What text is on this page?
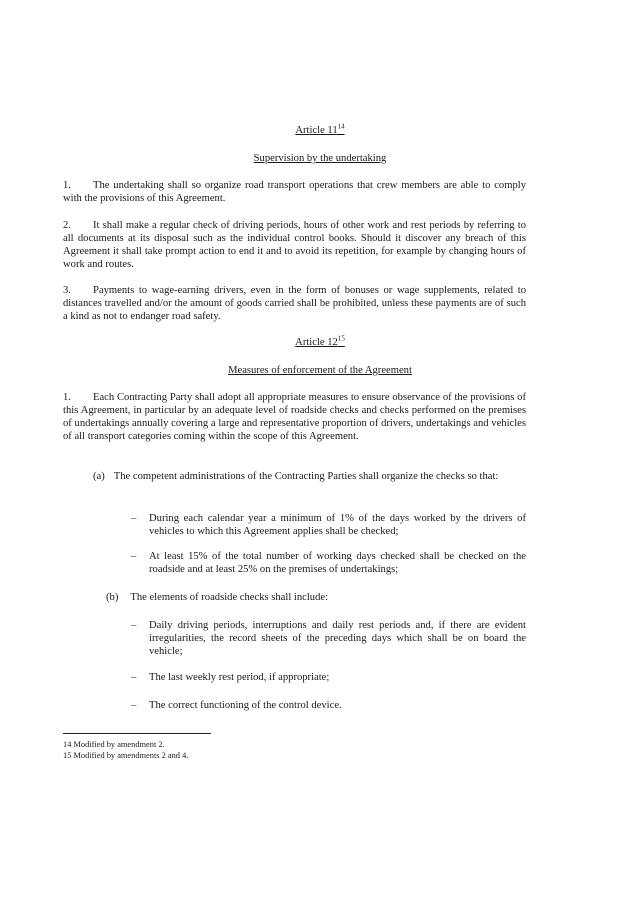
Article $11^{14}$
Supervision by the undertaking
1. The undertaking shall so organize road transport operations that crew members are able to comply with the provisions of this Agreement.
2. It shall make a regular check of driving periods, hours of other work and rest periods by referring to all documents at its disposal such as the individual control books. Should it discover any breach of this Agreement it shall take prompt action to end it and to avoid its repetition, for example by changing hours of work and routes.
3. Payments to wage-earning drivers, even in the form of bonuses or wage supplements, related to distances travelled and/or the amount of goods carried shall be prohibited, unless these payments are of such a kind as not to endanger road safety.
Article $12^{15}$
Measures of enforcement of the Agreement
1. Each Contracting Party shall adopt all appropriate measures to ensure observance of the provisions of this Agreement, in particular by an adequate level of roadside checks and checks performed on the premises of undertakings annually covering a large and representative proportion of drivers, undertakings and vehicles of all transport categories coming within the scope of this Agreement.
(a) The competent administrations of the Contracting Parties shall organize the checks so that:
– During each calendar year a minimum of 1% of the days worked by the drivers of vehicles to which this Agreement applies shall be checked;
– At least 15% of the total number of working days checked shall be checked on the roadside and at least 25% on the premises of undertakings;
(b) The elements of roadside checks shall include:
– Daily driving periods, interruptions and daily rest periods and, if there are evident irregularities, the record sheets of the preceding days which shall be on board the vehicle;
– The last weekly rest period, if appropriate;
– The correct functioning of the control device.
14 Modified by amendment 2.
15 Modified by amendments 2 and 4.
